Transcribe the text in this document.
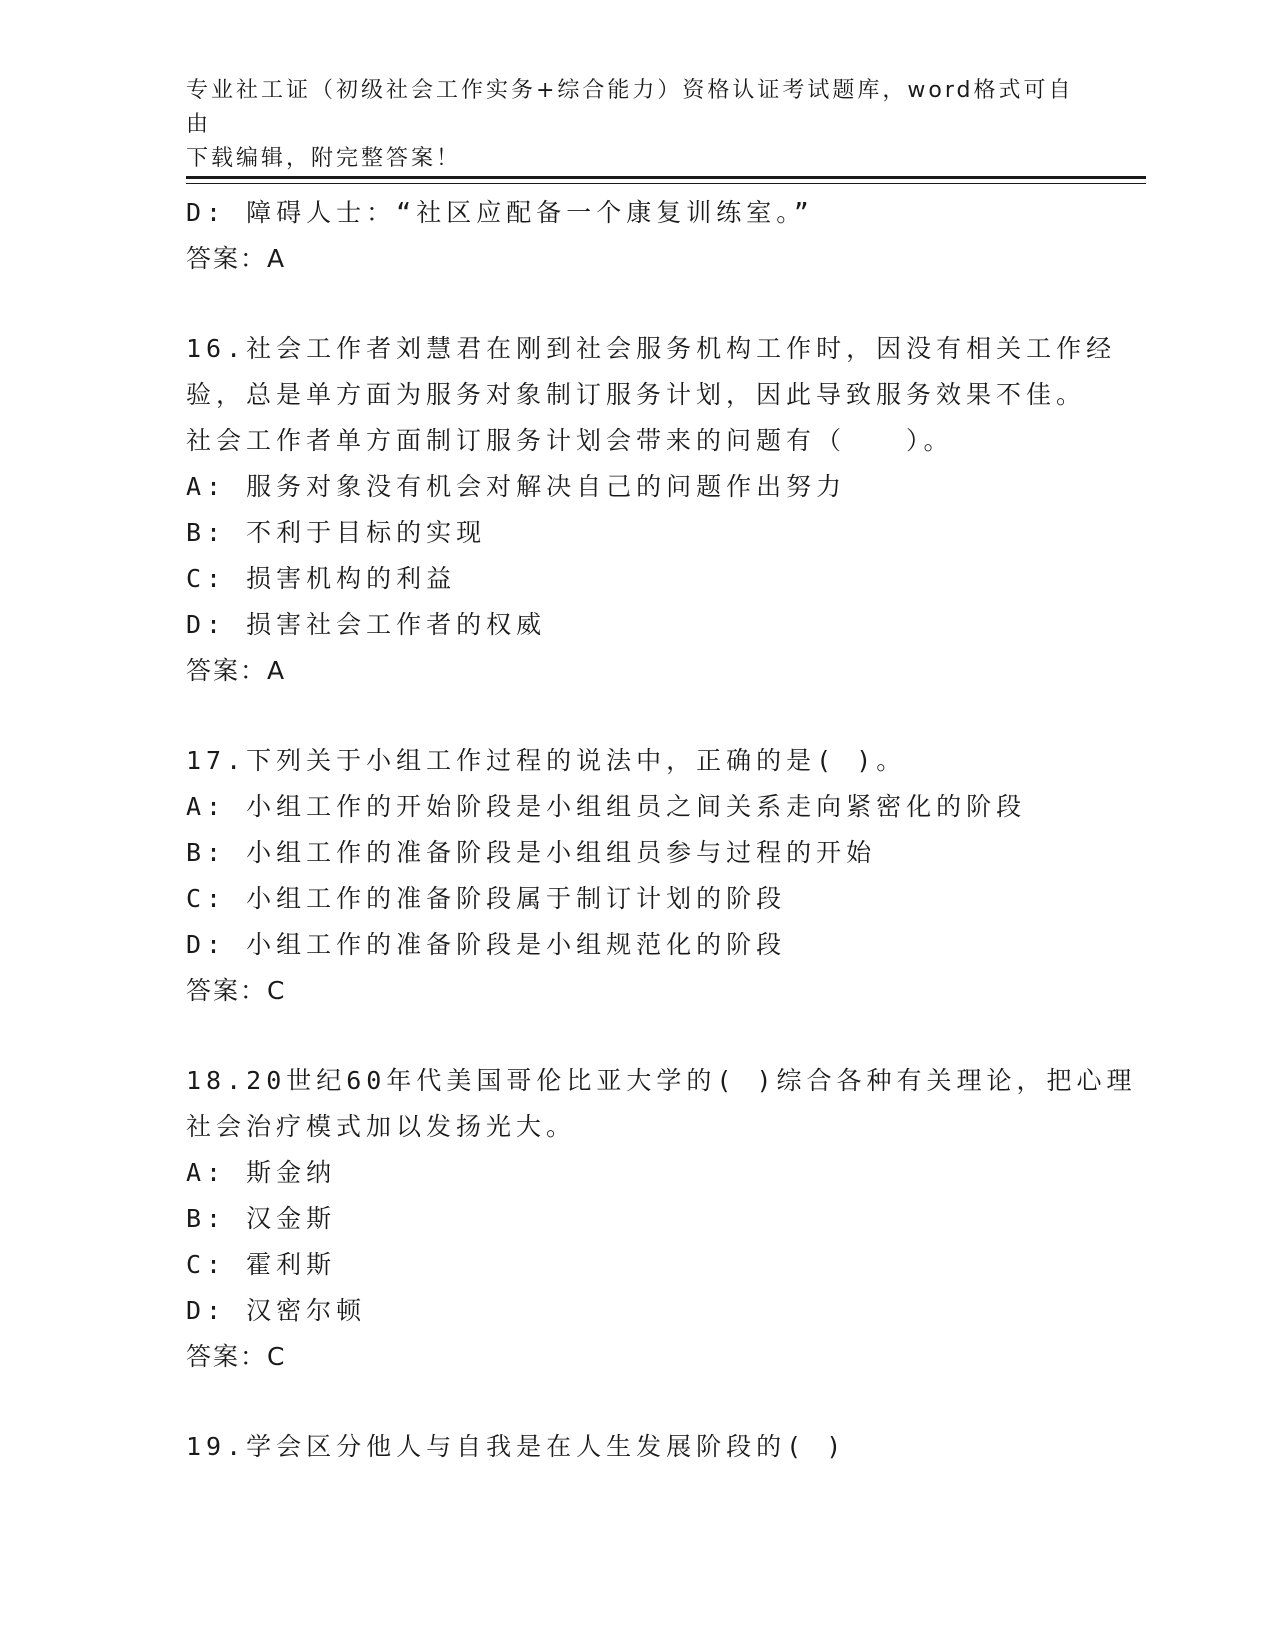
专业社工证（初级社会工作实务+综合能力）资格认证考试题库，word格式可自由
下载编辑，附完整答案！
D: 障碍人士：“社区应配备一个康复训练室。”
答案：A
16.社会工作者刘慧君在刚到社会服务机构工作时，因没有相关工作经
验，总是单方面为服务对象制订服务计划，因此导致服务效果不佳。
社会工作者单方面制订服务计划会带来的问题有（　　）。
A: 服务对象没有机会对解决自己的问题作出努力
B: 不利于目标的实现
C: 损害机构的利益
D: 损害社会工作者的权威
答案：A
17.下列关于小组工作过程的说法中，正确的是( )。
A: 小组工作的开始阶段是小组组员之间关系走向紧密化的阶段
B: 小组工作的准备阶段是小组组员参与过程的开始
C: 小组工作的准备阶段属于制订计划的阶段
D: 小组工作的准备阶段是小组规范化的阶段
答案：C
18.20世纪60年代美国哥伦比亚大学的( )综合各种有关理论，把心理
社会治疗模式加以发扬光大。
A: 斯金纳
B: 汉金斯
C: 霍利斯
D: 汉密尔顿
答案：C
19.学会区分他人与自我是在人生发展阶段的( )
